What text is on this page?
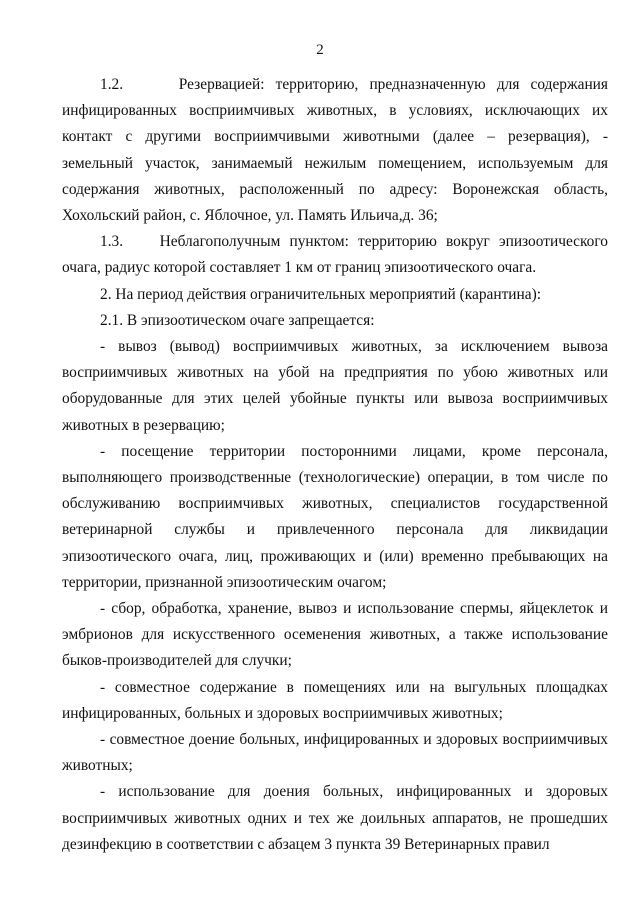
2

1.2.     Резервацией: территорию, предназначенную для содержания инфицированных восприимчивых животных, в условиях, исключающих их контакт с другими восприимчивыми животными (далее – резервация), - земельный участок, занимаемый нежилым помещением, используемым для содержания животных, расположенный по адресу: Воронежская область, Хохольский район, с. Яблочное, ул. Память Ильича,д. 36;

1.3.    Неблагополучным пунктом: территорию вокруг эпизоотического очага, радиус которой составляет 1 км от границ эпизоотического очага.

2. На период действия ограничительных мероприятий (карантина):

2.1. В эпизоотическом очаге запрещается:

- вывоз (вывод) восприимчивых животных, за исключением вывоза восприимчивых животных на убой на предприятия по убою животных или оборудованные для этих целей убойные пункты или вывоза восприимчивых животных в резервацию;

- посещение территории посторонними лицами, кроме персонала, выполняющего производственные (технологические) операции, в том числе по обслуживанию восприимчивых животных, специалистов государственной ветеринарной службы и привлеченного персонала для ликвидации эпизоотического очага, лиц, проживающих и (или) временно пребывающих на территории, признанной эпизоотическим очагом;

- сбор, обработка, хранение, вывоз и использование спермы, яйцеклеток и эмбрионов для искусственного осеменения животных, а также использование быков-производителей для случки;

- совместное содержание в помещениях или на выгульных площадках инфицированных, больных и здоровых восприимчивых животных;

- совместное доение больных, инфицированных и здоровых восприимчивых животных;

- использование для доения больных, инфицированных и здоровых восприимчивых животных одних и тех же доильных аппаратов, не прошедших дезинфекцию в соответствии с абзацем 3 пункта 39 Ветеринарных правил
